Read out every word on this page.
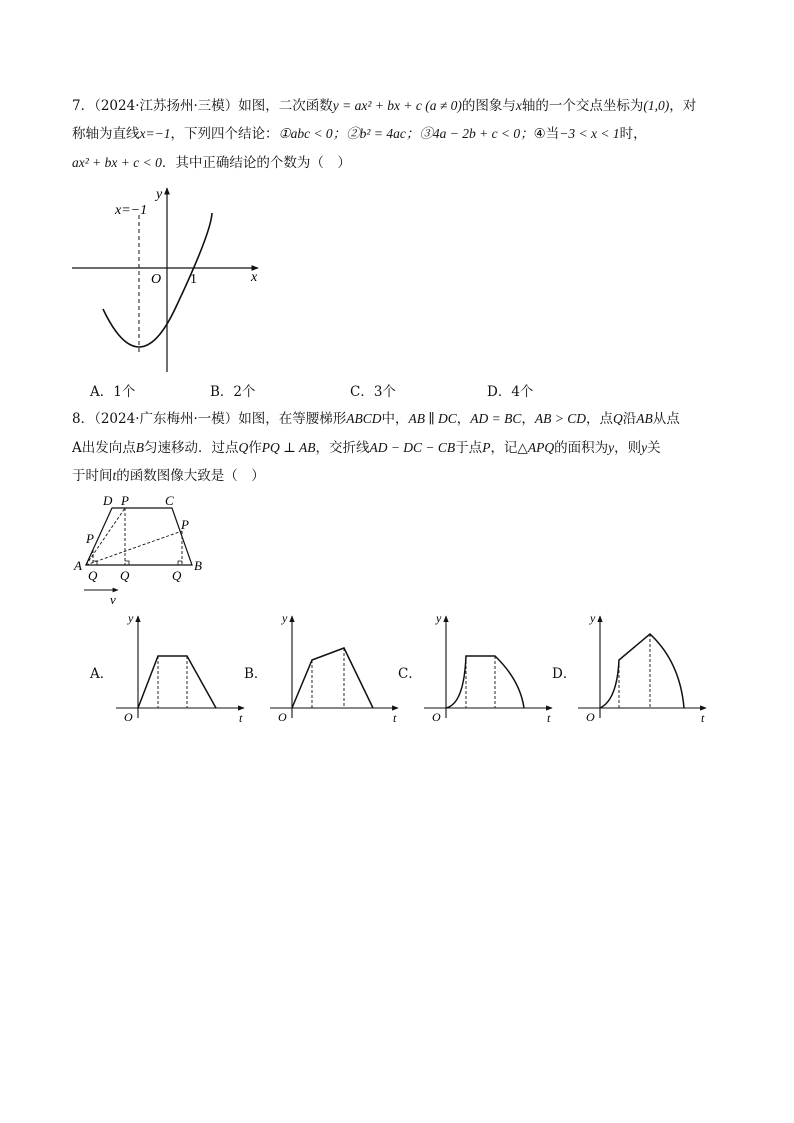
7．（2024·江苏扬州·三模）如图，二次函数y = ax² + bx + c (a ≠ 0)的图象与x轴的一个交点坐标为(1,0)，对
称轴为直线x=−1，下列四个结论：①abc < 0；②b² = 4ac；③4a − 2b + c < 0；④当−3 < x < 1时，
ax² + bx + c < 0．其中正确结论的个数为（　）
x=−1
y
x
O 1
A．1个	B．2个	C．3个	D．4个
8．（2024·广东梅州·一模）如图，在等腰梯形ABCD中，AB ∥ DC，AD = BC，AB > CD，点Q沿AB从点
A出发向点B匀速移动．过点Q作PQ ⊥ AB，交折线AD − DC − CB于点P，记△APQ的面积为y，则y关
于时间t的函数图像大致是（　）
D P	C
P
P
A
Q Q	Q
B
v
A．	B．	C．	D．
y
O	t
y
O	t
y
O	t
y
O	t
